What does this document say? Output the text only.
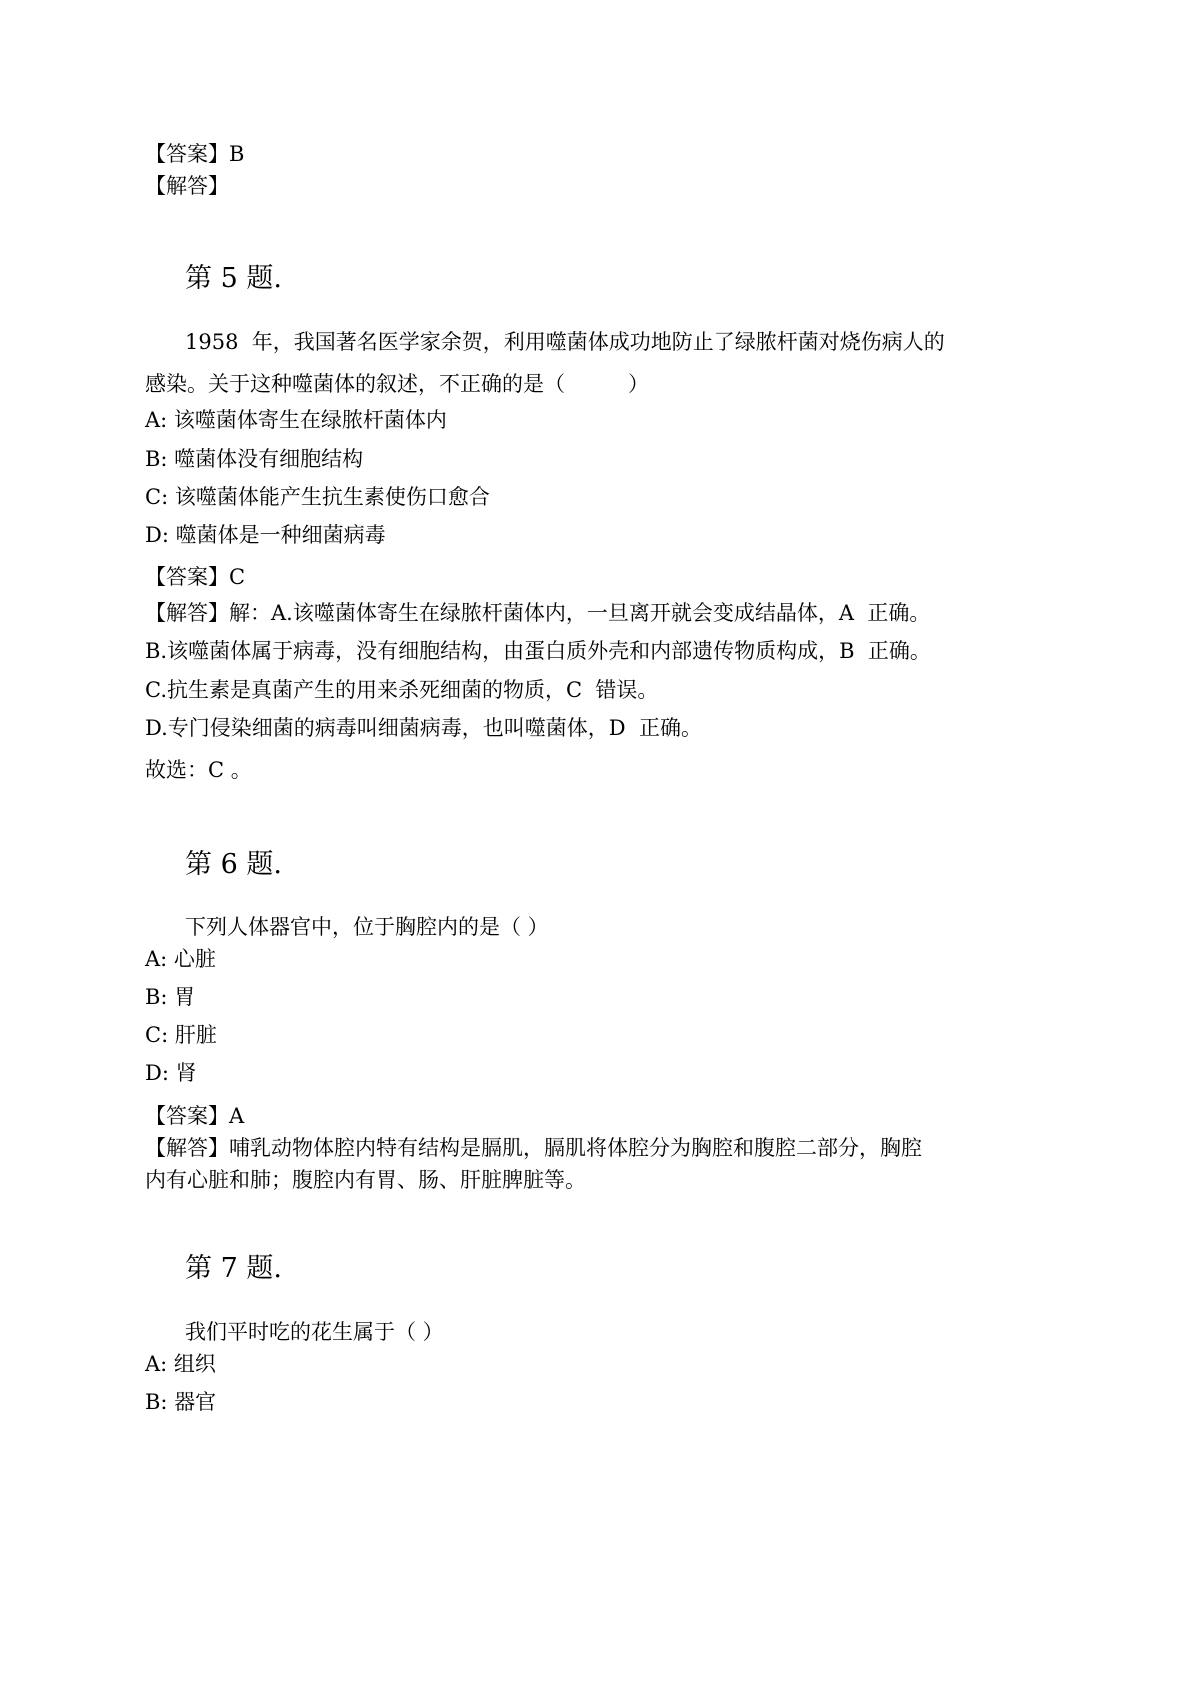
【答案】B
【解答】
第 5 题.
1958  年，我国著名医学家余贺，利用噬菌体成功地防止了绿脓杆菌对烧伤病人的
感染。关于这种噬菌体的叙述，不正确的是（　　　）
A: 该噬菌体寄生在绿脓杆菌体内
B: 噬菌体没有细胞结构
C: 该噬菌体能产生抗生素使伤口愈合
D: 噬菌体是一种细菌病毒
【答案】C
【解答】解：A.该噬菌体寄生在绿脓杆菌体内，一旦离开就会变成结晶体，A  正确。
B.该噬菌体属于病毒，没有细胞结构，由蛋白质外壳和内部遗传物质构成，B  正确。
C.抗生素是真菌产生的用来杀死细菌的物质，C  错误。
D.专门侵染细菌的病毒叫细菌病毒，也叫噬菌体，D  正确。
故选：C 。
第 6 题.
下列人体器官中，位于胸腔内的是（ ）
A: 心脏
B: 胃
C: 肝脏
D: 肾
【答案】A
【解答】哺乳动物体腔内特有结构是膈肌，膈肌将体腔分为胸腔和腹腔二部分，胸腔
内有心脏和肺；腹腔内有胃、肠、肝脏脾脏等。
第 7 题.
我们平时吃的花生属于（ ）
A: 组织
B: 器官
